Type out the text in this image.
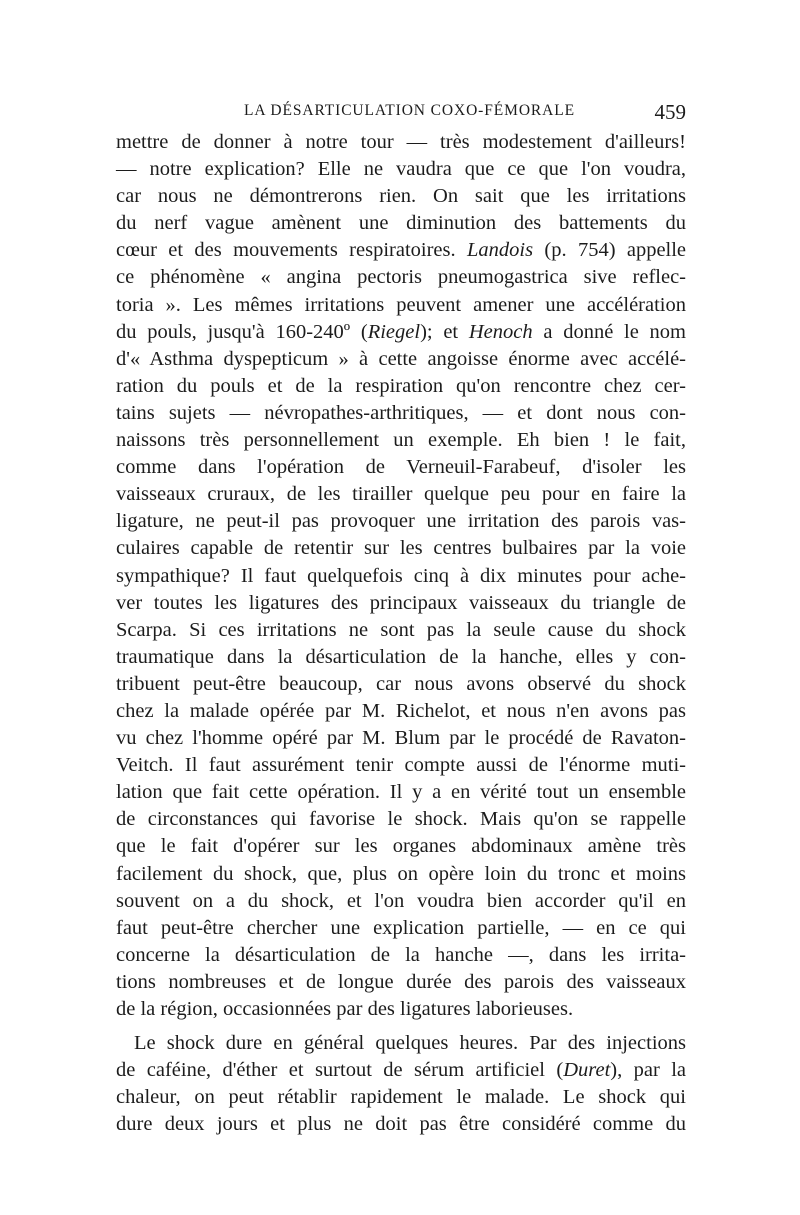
LA DÉSARTICULATION COXO-FÉMORALE	459
mettre de donner à notre tour — très modestement d'ailleurs!
— notre explication? Elle ne vaudra que ce que l'on voudra,
car nous ne démontrerons rien. On sait que les irritations
du nerf vague amènent une diminution des battements du
cœur et des mouvements respiratoires. Landois (p. 754) appelle
ce phénomène « angina pectoris pneumogastrica sive reflec-
toria ». Les mêmes irritations peuvent amener une accélération
du pouls, jusqu'à 160-240º (Riegel); et Henoch a donné le nom
d'« Asthma dyspepticum » à cette angoisse énorme avec accélé-
ration du pouls et de la respiration qu'on rencontre chez cer-
tains sujets — névropathes-arthritiques, — et dont nous con-
naissons très personnellement un exemple. Eh bien ! le fait,
comme dans l'opération de Verneuil-Farabeuf, d'isoler les
vaisseaux cruraux, de les tirailler quelque peu pour en faire la
ligature, ne peut-il pas provoquer une irritation des parois vas-
culaires capable de retentir sur les centres bulbaires par la voie
sympathique? Il faut quelquefois cinq à dix minutes pour ache-
ver toutes les ligatures des principaux vaisseaux du triangle de
Scarpa. Si ces irritations ne sont pas la seule cause du shock
traumatique dans la désarticulation de la hanche, elles y con-
tribuent peut-être beaucoup, car nous avons observé du shock
chez la malade opérée par M. Richelot, et nous n'en avons pas
vu chez l'homme opéré par M. Blum par le procédé de Ravaton-
Veitch. Il faut assurément tenir compte aussi de l'énorme muti-
lation que fait cette opération. Il y a en vérité tout un ensemble
de circonstances qui favorise le shock. Mais qu'on se rappelle
que le fait d'opérer sur les organes abdominaux amène très
facilement du shock, que, plus on opère loin du tronc et moins
souvent on a du shock, et l'on voudra bien accorder qu'il en
faut peut-être chercher une explication partielle, — en ce qui
concerne la désarticulation de la hanche —, dans les irrita-
tions nombreuses et de longue durée des parois des vaisseaux
de la région, occasionnées par des ligatures laborieuses.
Le shock dure en général quelques heures. Par des injections
de caféine, d'éther et surtout de sérum artificiel (Duret), par la
chaleur, on peut rétablir rapidement le malade. Le shock qui
dure deux jours et plus ne doit pas être considéré comme du
